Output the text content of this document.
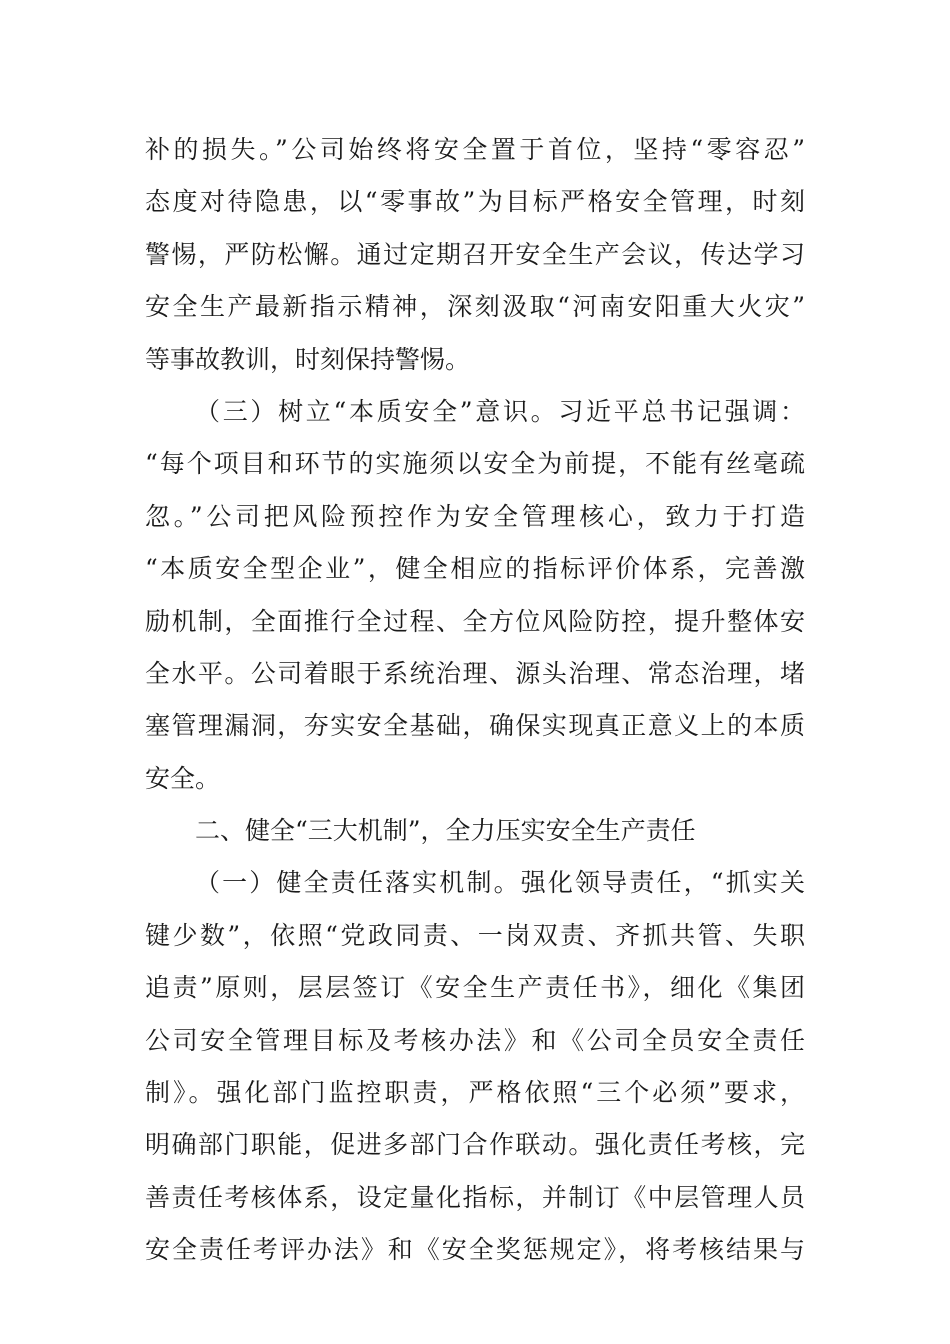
补的损失。”公司始终将安全置于首位，坚持“零容忍”
态度对待隐患，以“零事故”为目标严格安全管理，时刻
警惕，严防松懈。通过定期召开安全生产会议，传达学习
安全生产最新指示精神，深刻汲取“河南安阳重大火灾”
等事故教训，时刻保持警惕。
（三）树立“本质安全”意识。习近平总书记强调：
“每个项目和环节的实施须以安全为前提，不能有丝毫疏
忽。”公司把风险预控作为安全管理核心，致力于打造
“本质安全型企业”，健全相应的指标评价体系，完善激
励机制，全面推行全过程、全方位风险防控，提升整体安
全水平。公司着眼于系统治理、源头治理、常态治理，堵
塞管理漏洞，夯实安全基础，确保实现真正意义上的本质
安全。
二、健全“三大机制”，全力压实安全生产责任
（一）健全责任落实机制。强化领导责任，“抓实关
键少数”，依照“党政同责、一岗双责、齐抓共管、失职
追责”原则，层层签订《安全生产责任书》，细化《集团
公司安全管理目标及考核办法》和《公司全员安全责任
制》。强化部门监控职责，严格依照“三个必须”要求，
明确部门职能，促进多部门合作联动。强化责任考核，完
善责任考核体系，设定量化指标，并制订《中层管理人员
安全责任考评办法》和《安全奖惩规定》，将考核结果与
